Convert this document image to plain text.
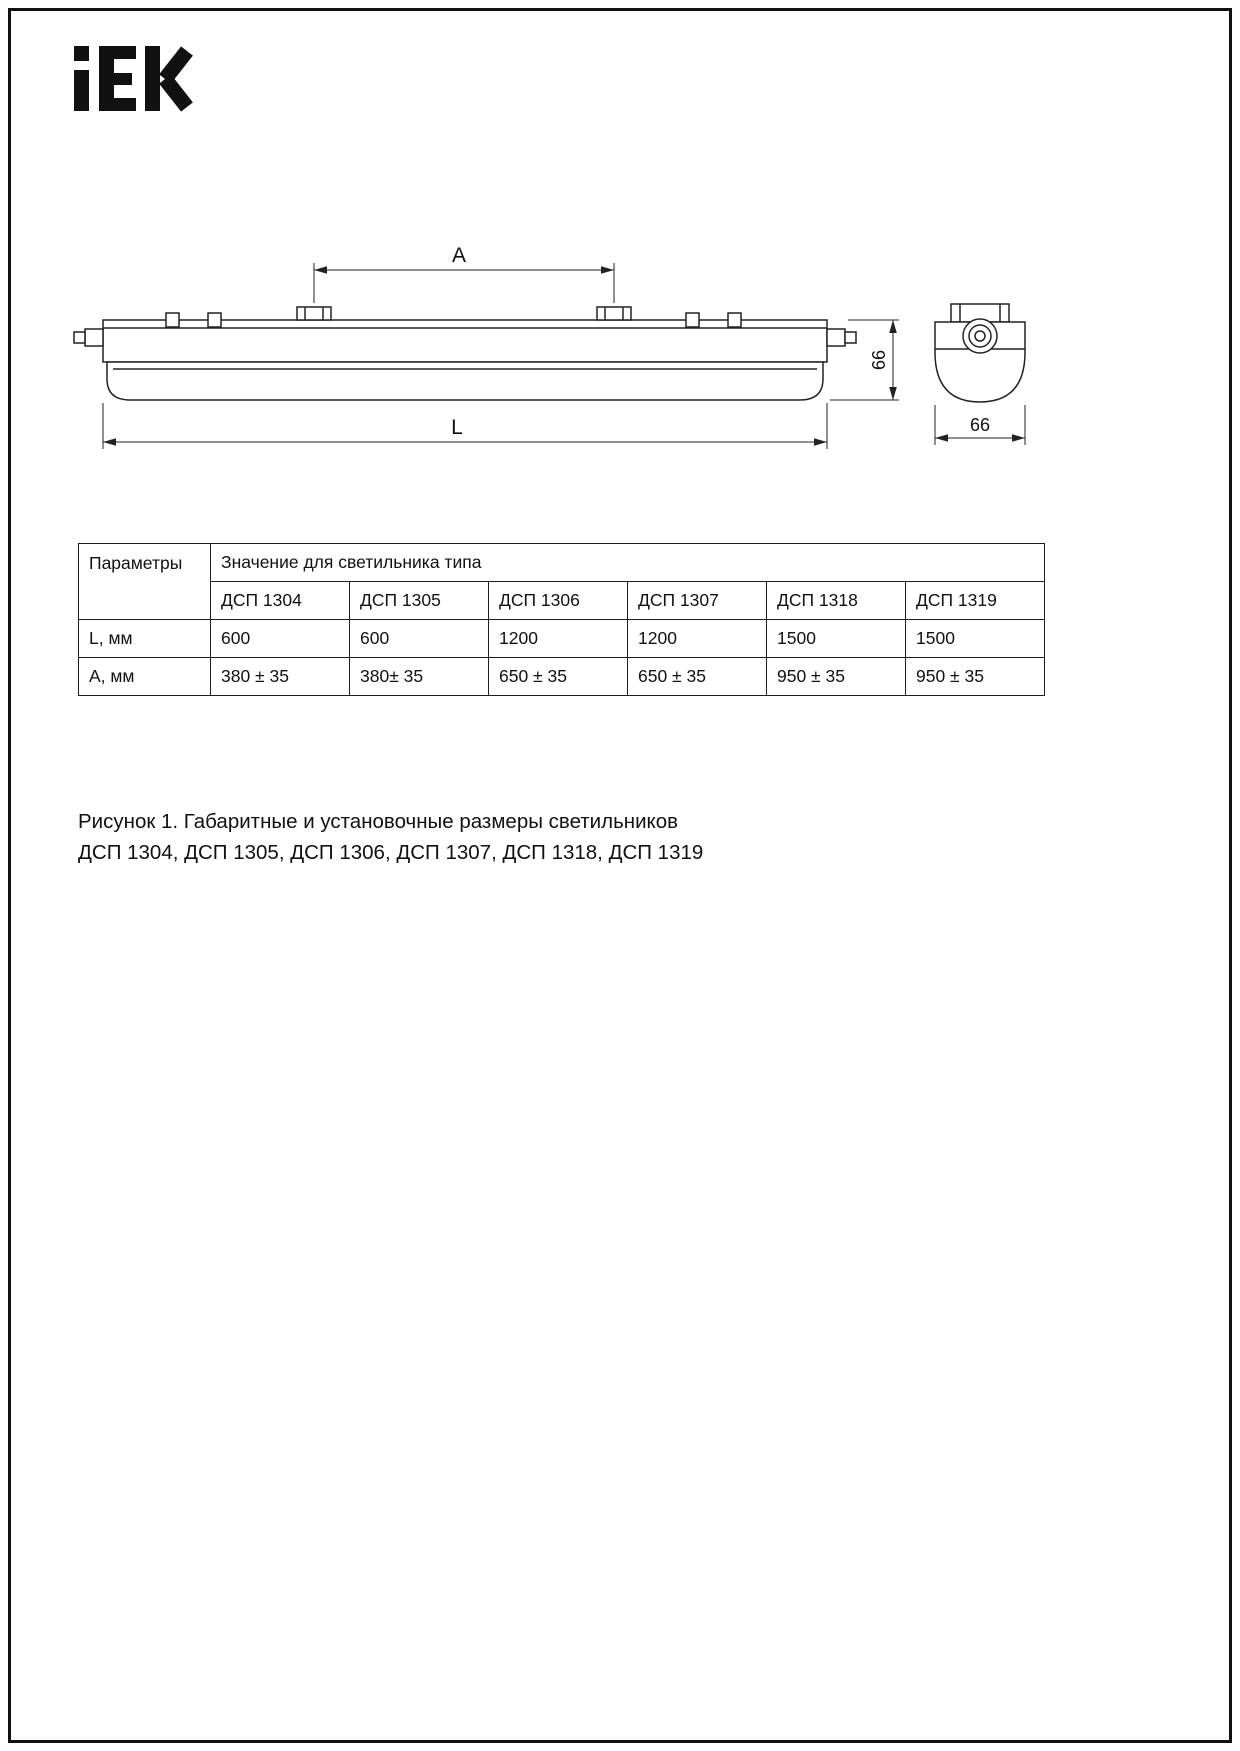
A
L
66
66
Параметры	Значение для светильника типа					
	ДСП 1304	ДСП 1305	ДСП 1306	ДСП 1307	ДСП 1318	ДСП 1319
L, мм	600	600	1200	1200	1500	1500
А, мм	380 ± 35	380± 35	650 ± 35	650 ± 35	950 ± 35	950 ± 35
Рисунок 1. Габаритные и установочные размеры светильников
ДСП 1304, ДСП 1305, ДСП 1306, ДСП 1307, ДСП 1318, ДСП 1319
